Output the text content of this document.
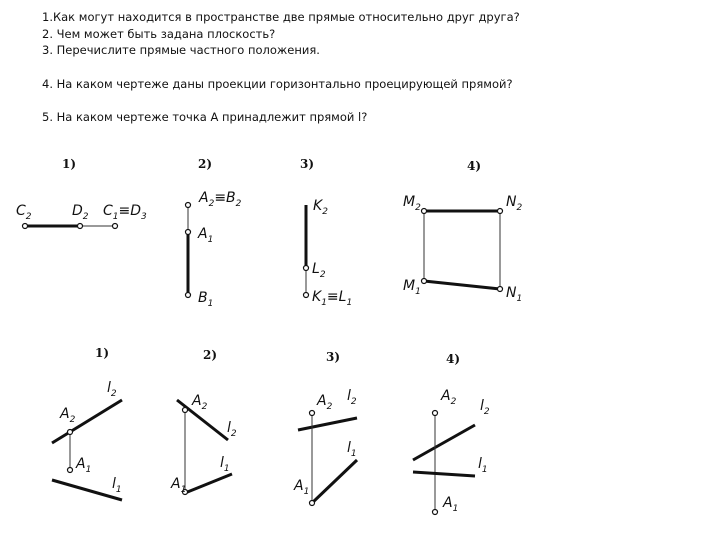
1.Как могут находится в пространстве две прямые относительно друг друга?
2. Чем может быть задана плоскость?
3. Перечислите прямые частного положения.
4. На каком чертеже даны проекции горизонтально проецирующей прямой?
5. На каком чертеже точка А принадлежит прямой l?
1)	2)	3)	4)
$C_2$	$D_2$ $C_1\equiv D_3$
$A_2\equiv B_2$
$A_1$
$B_1$
$K_2$
$L_2$
$K_1\equiv L_1$
$M_2$	$N_2$
$M_1$	$N_1$
1)	2)	3)	4)
$A_2$
$l_2$
$A_1$
$l_1$
$A_2$
$l_2$
$A_1$
$l_1$
$A_2$
$l_2$
$A_1$
$l_1$
$A_2$ $l_2$
$A_1$
$l_1$
